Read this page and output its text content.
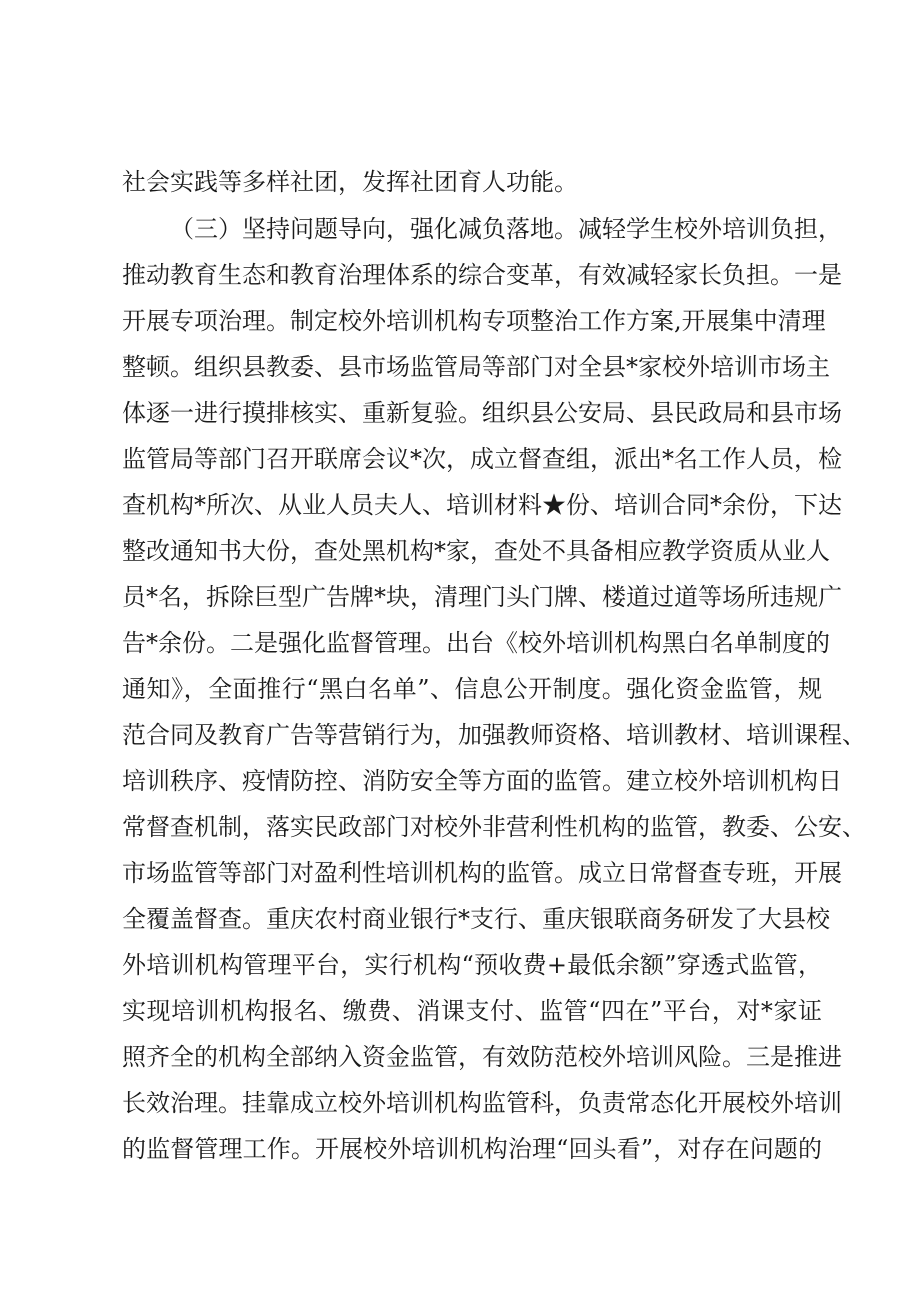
社会实践等多样社团，发挥社团育人功能。
（三）坚持问题导向，强化减负落地。减轻学生校外培训负担，
推动教育生态和教育治理体系的综合变革，有效减轻家长负担。一是
开展专项治理。制定校外培训机构专项整治工作方案,开展集中清理
整顿。组织县教委、县市场监管局等部门对全县*家校外培训市场主
体逐一进行摸排核实、重新复验。组织县公安局、县民政局和县市场
监管局等部门召开联席会议*次，成立督查组，派出*名工作人员，检
查机构*所次、从业人员夫人、培训材料★份、培训合同*余份，下达
整改通知书大份，查处黑机构*家，查处不具备相应教学资质从业人
员*名，拆除巨型广告牌*块，清理门头门牌、楼道过道等场所违规广
告*余份。二是强化监督管理。出台《校外培训机构黑白名单制度的
通知》，全面推行“黑白名单”、信息公开制度。强化资金监管，规
范合同及教育广告等营销行为，加强教师资格、培训教材、培训课程、
培训秩序、疫情防控、消防安全等方面的监管。建立校外培训机构日
常督查机制，落实民政部门对校外非营利性机构的监管，教委、公安、
市场监管等部门对盈利性培训机构的监管。成立日常督查专班，开展
全覆盖督查。重庆农村商业银行*支行、重庆银联商务研发了大县校
外培训机构管理平台，实行机构“预收费+最低余额”穿透式监管，
实现培训机构报名、缴费、消课支付、监管“四在”平台，对*家证
照齐全的机构全部纳入资金监管，有效防范校外培训风险。三是推进
长效治理。挂靠成立校外培训机构监管科，负责常态化开展校外培训
的监督管理工作。开展校外培训机构治理“回头看”，对存在问题的
